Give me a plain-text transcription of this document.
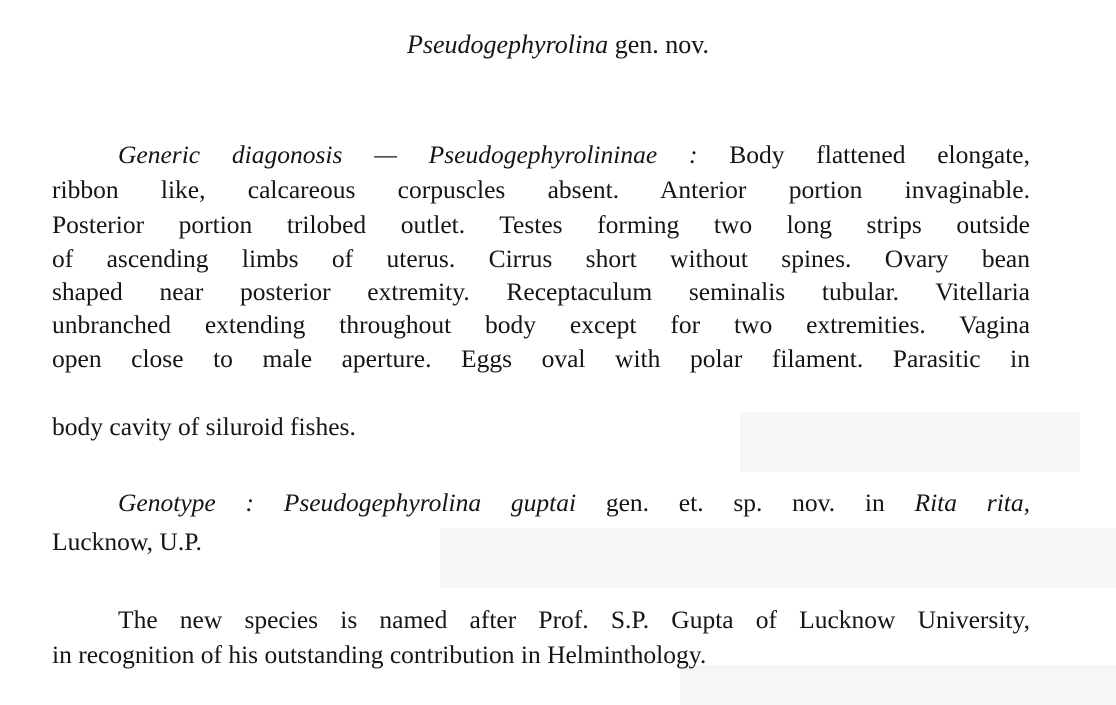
Pseudogephyrolina gen. nov.
Generic diagonosis — Pseudogephyrolininae : Body flattened elongate,
ribbon like, calcareous corpuscles absent. Anterior portion invaginable.
Posterior portion trilobed outlet. Testes forming two long strips outside
of ascending limbs of uterus. Cirrus short without spines. Ovary bean
shaped near posterior extremity. Receptaculum seminalis tubular. Vitellaria
unbranched extending throughout body except for two extremities. Vagina
open close to male aperture. Eggs oval with polar filament. Parasitic in
body cavity of siluroid fishes.
Genotype : Pseudogephyrolina guptai gen. et. sp. nov. in Rita rita,
Lucknow, U.P.
The new species is named after Prof. S.P. Gupta of Lucknow University,
in recognition of his outstanding contribution in Helminthology.
